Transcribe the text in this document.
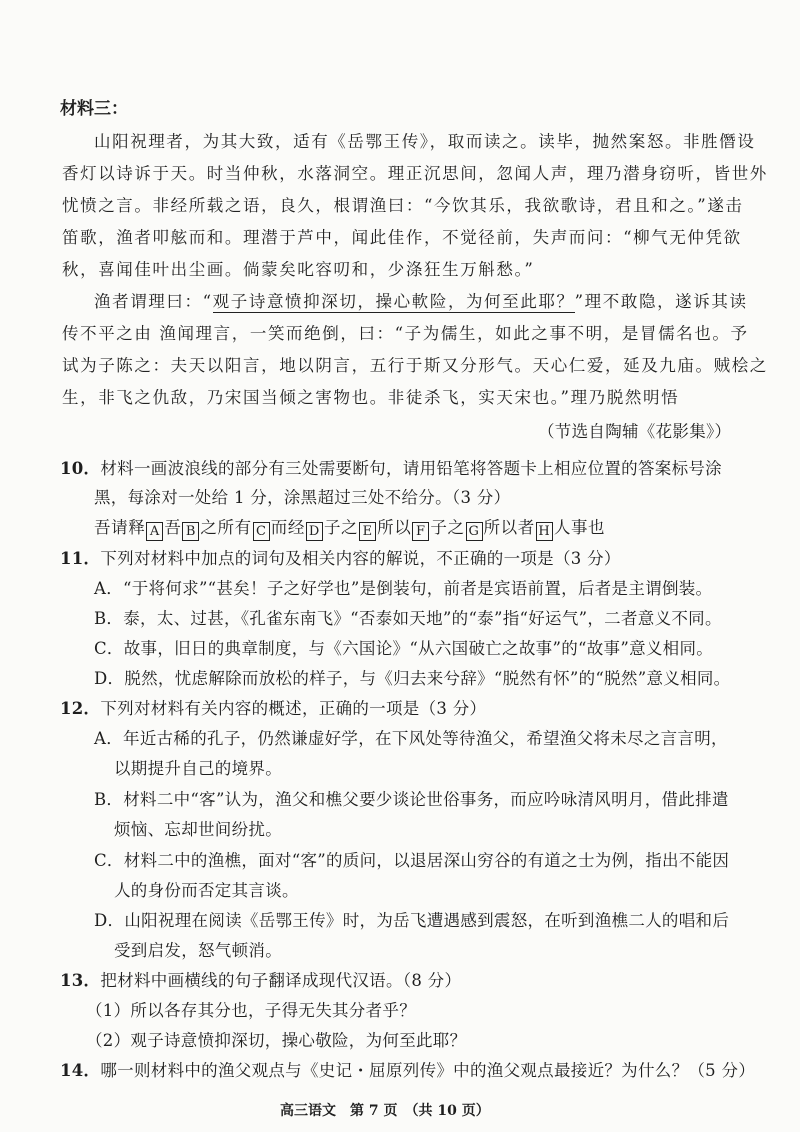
材料三：
山阳祝理者，为其大致，适有《岳鄂王传》，取而读之。读毕，抛然案怒。非胜僭设
香灯以诗诉于天。时当仲秋，水落洞空。理正沉思间，忽闻人声，理乃潜身窃听，皆世外
忧愤之言。非经所载之语，良久，根谓渔曰：“今饮其乐，我欲歌诗，君且和之。”遂击
笛歌，渔者叩舷而和。理潜于芦中，闻此佳作，不觉径前，失声而问：“柳气无仲凭欲
秋，喜闻佳叶出尘画。倘蒙矣叱容叨和，少涤狂生万斛愁。”
渔者谓理曰：“观子诗意愤抑深切，操心軟险，为何至此耶？”理不敢隐，遂诉其读
传不平之由 渔闻理言，一笑而绝倒，曰：“子为儒生，如此之事不明，是冒儒名也。予
试为子陈之：夫天以阳言，地以阴言，五行于斯又分形气。天心仁爱，延及九庙。贼桧之
生，非飞之仇敌，乃宋国当倾之害物也。非徒杀飞，实天宋也。”理乃脱然明悟
（节选自陶辅《花影集》）
10．材料一画波浪线的部分有三处需要断句，请用铅笔将答题卡上相应位置的答案标号涂
黑，每涂对一处给 1 分，涂黑超过三处不给分。（3 分）
吾请释 A 吾 B 之所有 C 而经 D 子之 E 所以 F 子之 G 所以者 H 人事也
11．下列对材料中加点的词句及相关内容的解说，不正确的一项是（3 分）
A．“于将何求”“甚矣！子之好学也”是倒装句，前者是宾语前置，后者是主谓倒装。
B．泰，太、过甚，《孔雀东南飞》“否泰如天地”的“泰”指“好运气”，二者意义不同。
C．故事，旧日的典章制度，与《六国论》“从六国破亡之故事”的“故事”意义相同。
D．脱然，忧虑解除而放松的样子，与《归去来兮辞》“脱然有怀”的“脱然”意义相同。
12．下列对材料有关内容的概述，正确的一项是（3 分）
A．年近古稀的孔子，仍然谦虚好学，在下风处等待渔父，希望渔父将未尽之言言明，
以期提升自己的境界。
B．材料二中“客”认为，渔父和樵父要少谈论世俗事务，而应吟咏清风明月，借此排遣
烦恼、忘却世间纷扰。
C．材料二中的渔樵，面对“客”的质问，以退居深山穷谷的有道之士为例，指出不能因
人的身份而否定其言谈。
D．山阳祝理在阅读《岳鄂王传》时，为岳飞遭遇感到震怒，在听到渔樵二人的唱和后
受到启发，怒气顿消。
13．把材料中画横线的句子翻译成现代汉语。（8 分）
（1）所以各存其分也，子得无失其分者乎？
（2）观子诗意愤抑深切，操心敬险，为何至此耶？
14．哪一则材料中的渔父观点与《史记・屈原列传》中的渔父观点最接近？为什么？（5 分）
高三语文　第 7 页　（共 10 页）
